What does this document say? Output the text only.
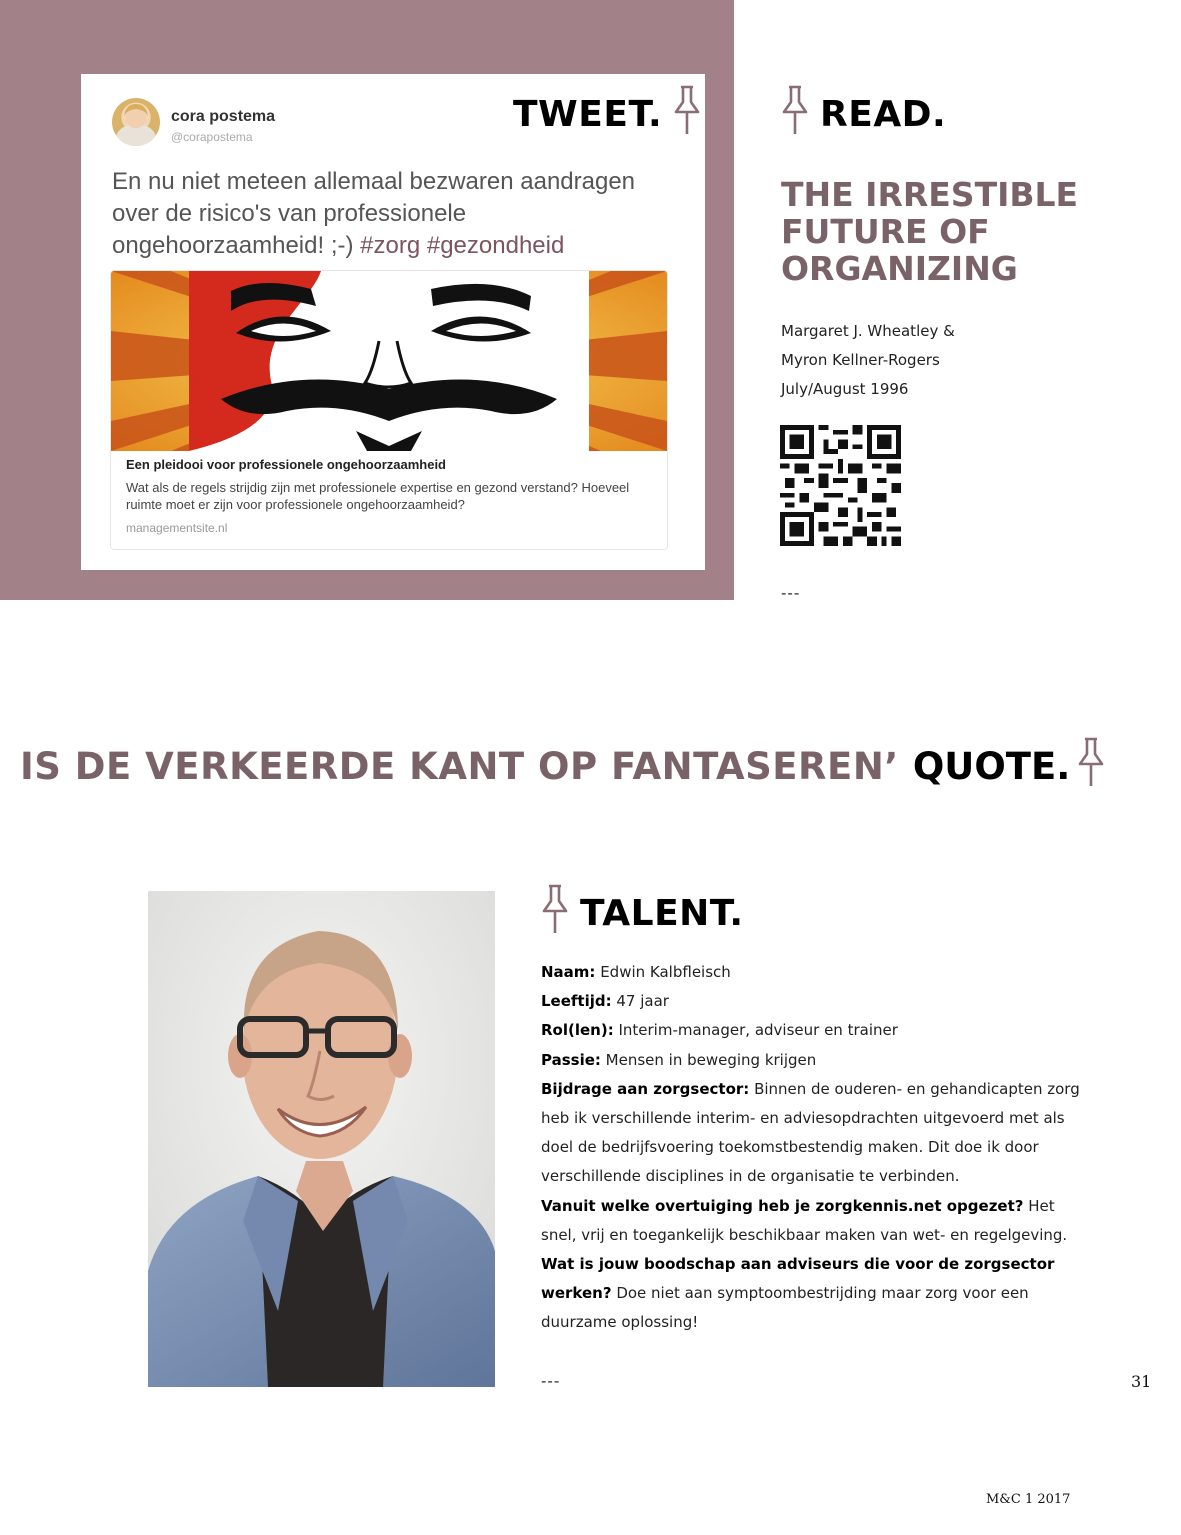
cora postema
@corapostema
TWEET.
En nu niet meteen allemaal bezwaren aandragen over de risico's van professionele ongehoorzaamheid! ;-) #zorg #gezondheid
Een pleidooi voor professionele ongehoorzaamheid
Wat als de regels strijdig zijn met professionele expertise en gezond verstand? Hoeveel ruimte moet er zijn voor professionele ongehoorzaamheid?
managementsite.nl
READ.
THE IRRESTIBLE FUTURE OF ORGANIZING
Margaret J. Wheatley &
Myron Kellner-Rogers
July/August 1996
---
IS DE VERKEERDE KANT OP FANTASEREN’ QUOTE.
TALENT.
Naam: Edwin Kalbfleisch
Leeftijd: 47 jaar
Rol(len): Interim-manager, adviseur en trainer
Passie: Mensen in beweging krijgen
Bijdrage aan zorgsector: Binnen de ouderen- en gehandicapten zorg heb ik verschillende interim- en adviesopdrachten uitgevoerd met als doel de bedrijfsvoering toekomstbestendig maken. Dit doe ik door verschillende disciplines in de organisatie te verbinden.
Vanuit welke overtuiging heb je zorgkennis.net opgezet? Het snel, vrij en toegankelijk beschikbaar maken van wet- en regelgeving.
Wat is jouw boodschap aan adviseurs die voor de zorgsector werken? Doe niet aan symptoombestrijding maar zorg voor een duurzame oplossing!
---	31
M&C 1 2017
